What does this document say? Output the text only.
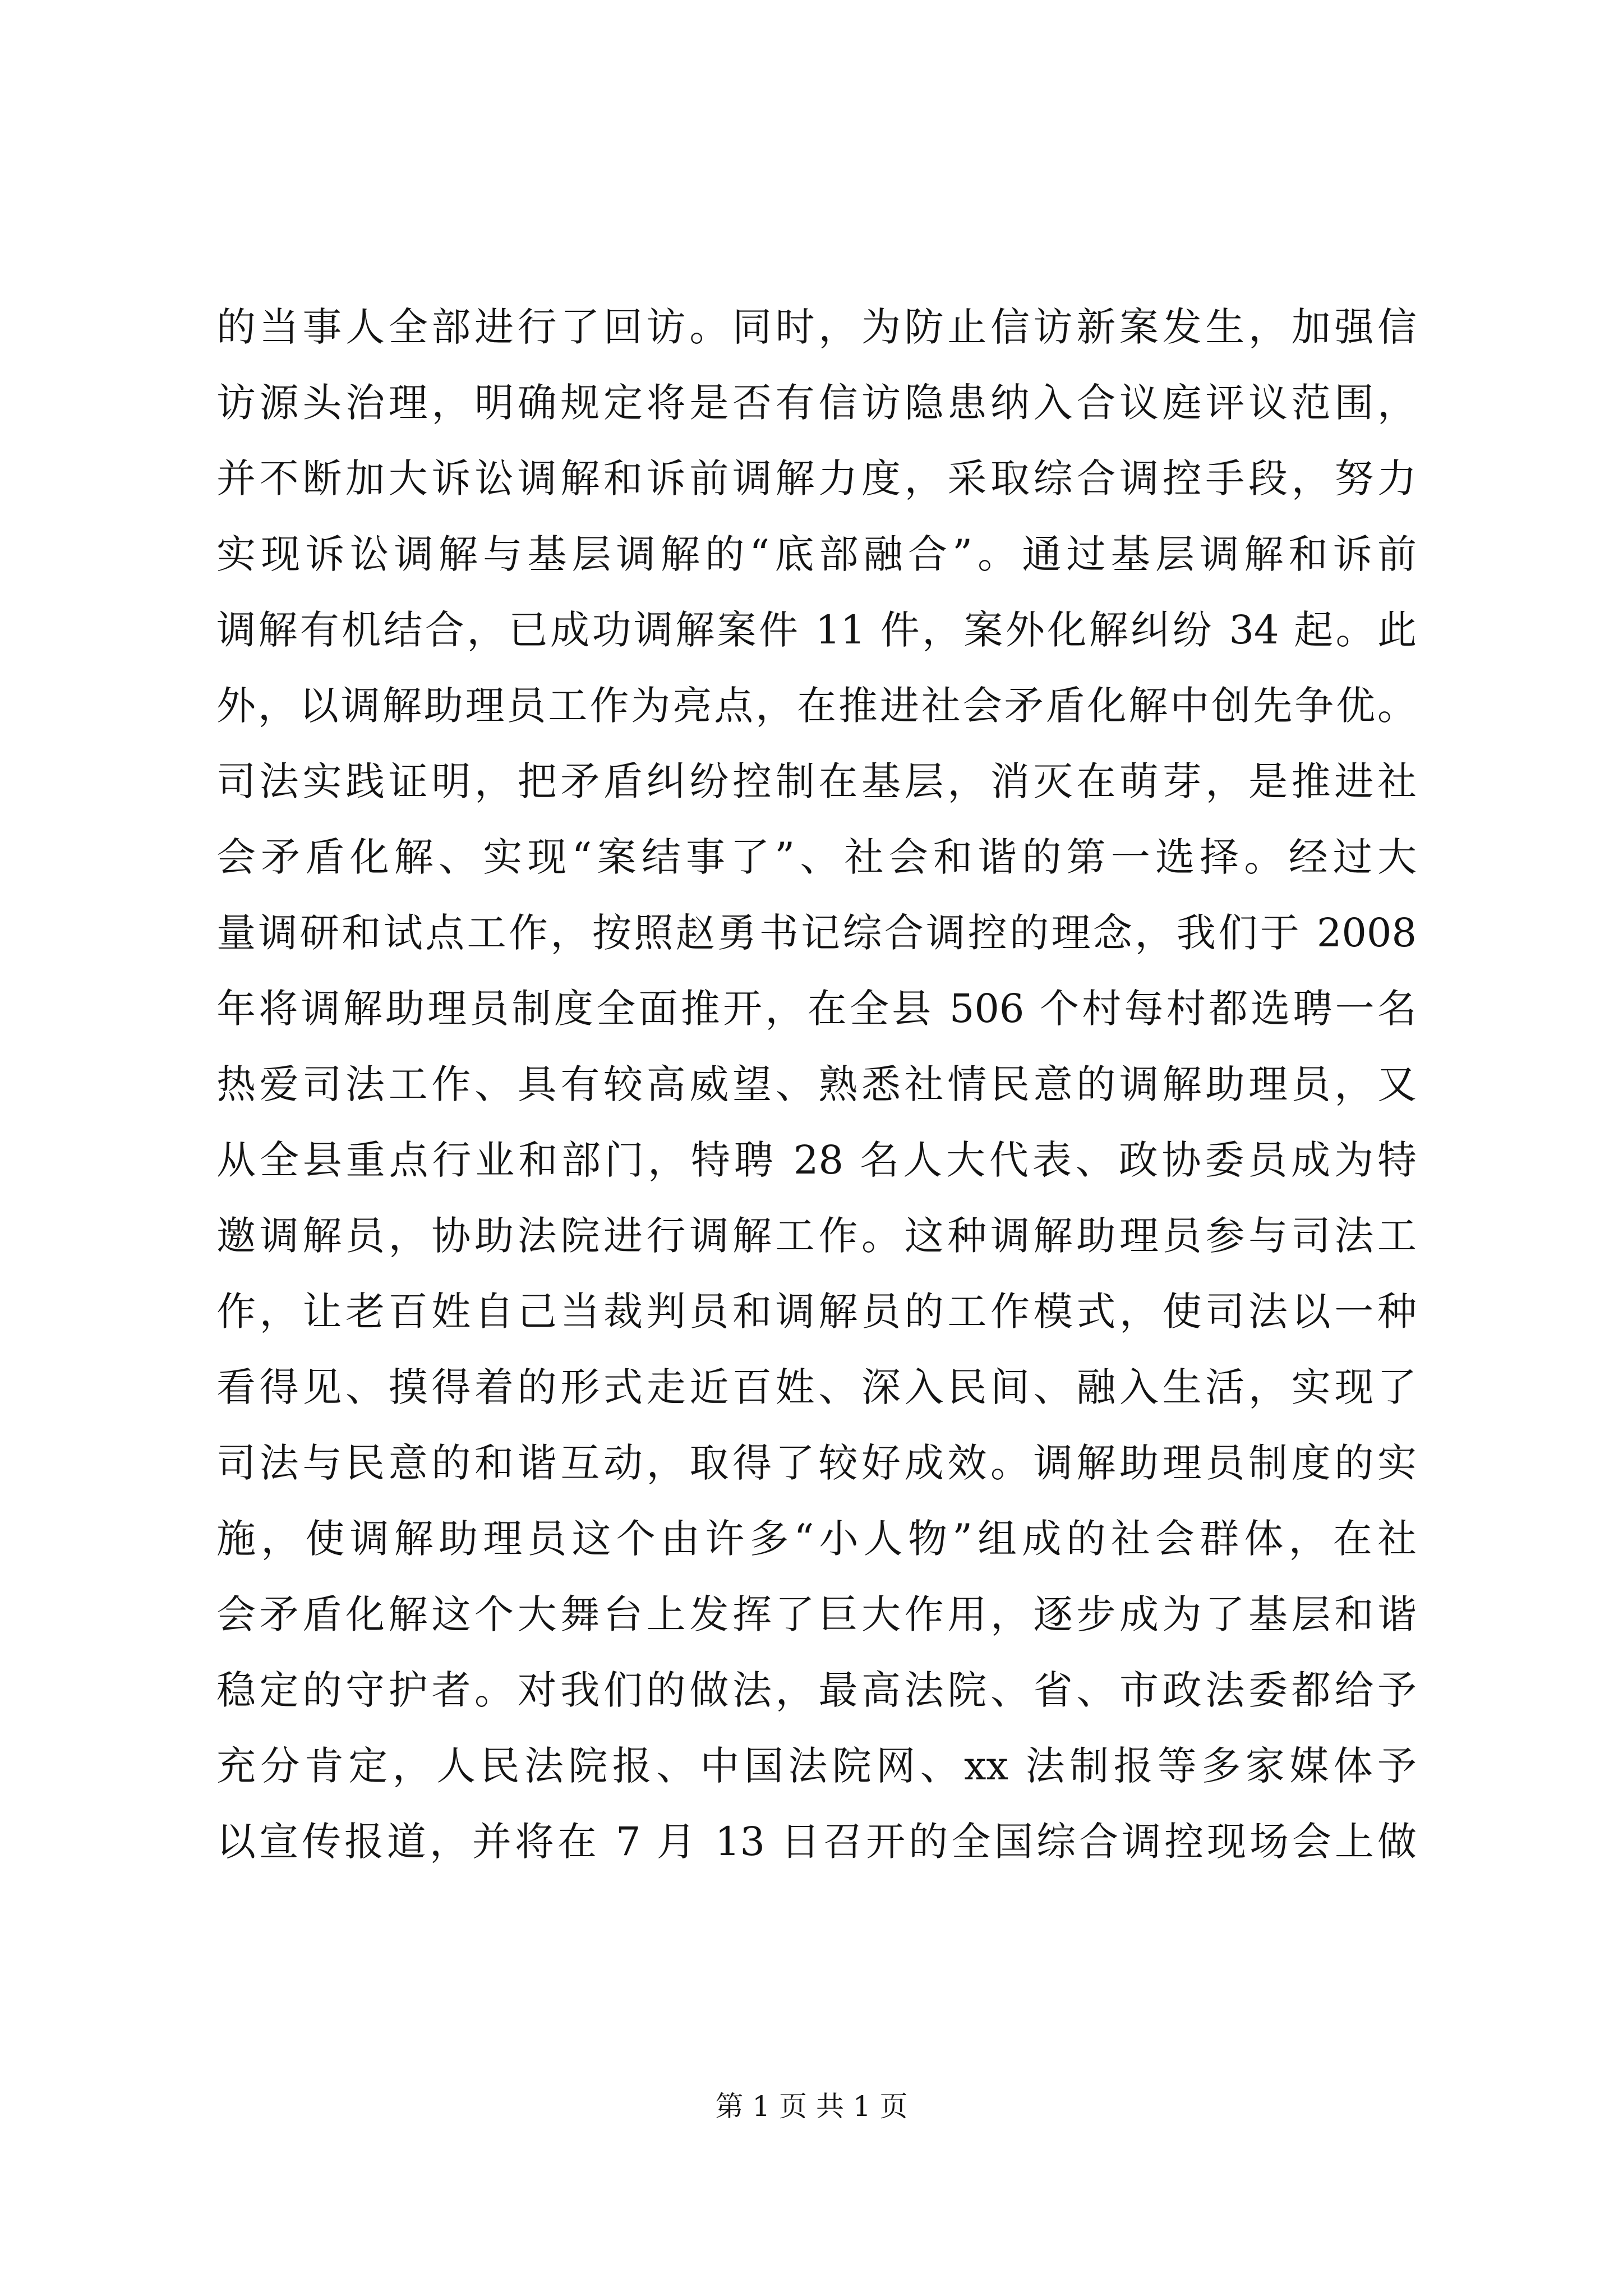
的当事人全部进行了回访。同时，为防止信访新案发生，加强信
访源头治理，明确规定将是否有信访隐患纳入合议庭评议范围，
并不断加大诉讼调解和诉前调解力度，采取综合调控手段，努力
实现诉讼调解与基层调解的“底部融合”。通过基层调解和诉前
调解有机结合，已成功调解案件 11 件，案外化解纠纷 34 起。此
外，以调解助理员工作为亮点，在推进社会矛盾化解中创先争优。
司法实践证明，把矛盾纠纷控制在基层，消灭在萌芽，是推进社
会矛盾化解、实现“案结事了”、社会和谐的第一选择。经过大
量调研和试点工作，按照赵勇书记综合调控的理念，我们于 2008
年将调解助理员制度全面推开，在全县 506 个村每村都选聘一名
热爱司法工作、具有较高威望、熟悉社情民意的调解助理员，又
从全县重点行业和部门，特聘 28 名人大代表、政协委员成为特
邀调解员，协助法院进行调解工作。这种调解助理员参与司法工
作，让老百姓自己当裁判员和调解员的工作模式，使司法以一种
看得见、摸得着的形式走近百姓、深入民间、融入生活，实现了
司法与民意的和谐互动，取得了较好成效。调解助理员制度的实
施，使调解助理员这个由许多“小人物”组成的社会群体，在社
会矛盾化解这个大舞台上发挥了巨大作用，逐步成为了基层和谐
稳定的守护者。对我们的做法，最高法院、省、市政法委都给予
充分肯定，人民法院报、中国法院网、xx 法制报等多家媒体予
以宣传报道，并将在 7 月 13 日召开的全国综合调控现场会上做
第 1 页 共 1 页
